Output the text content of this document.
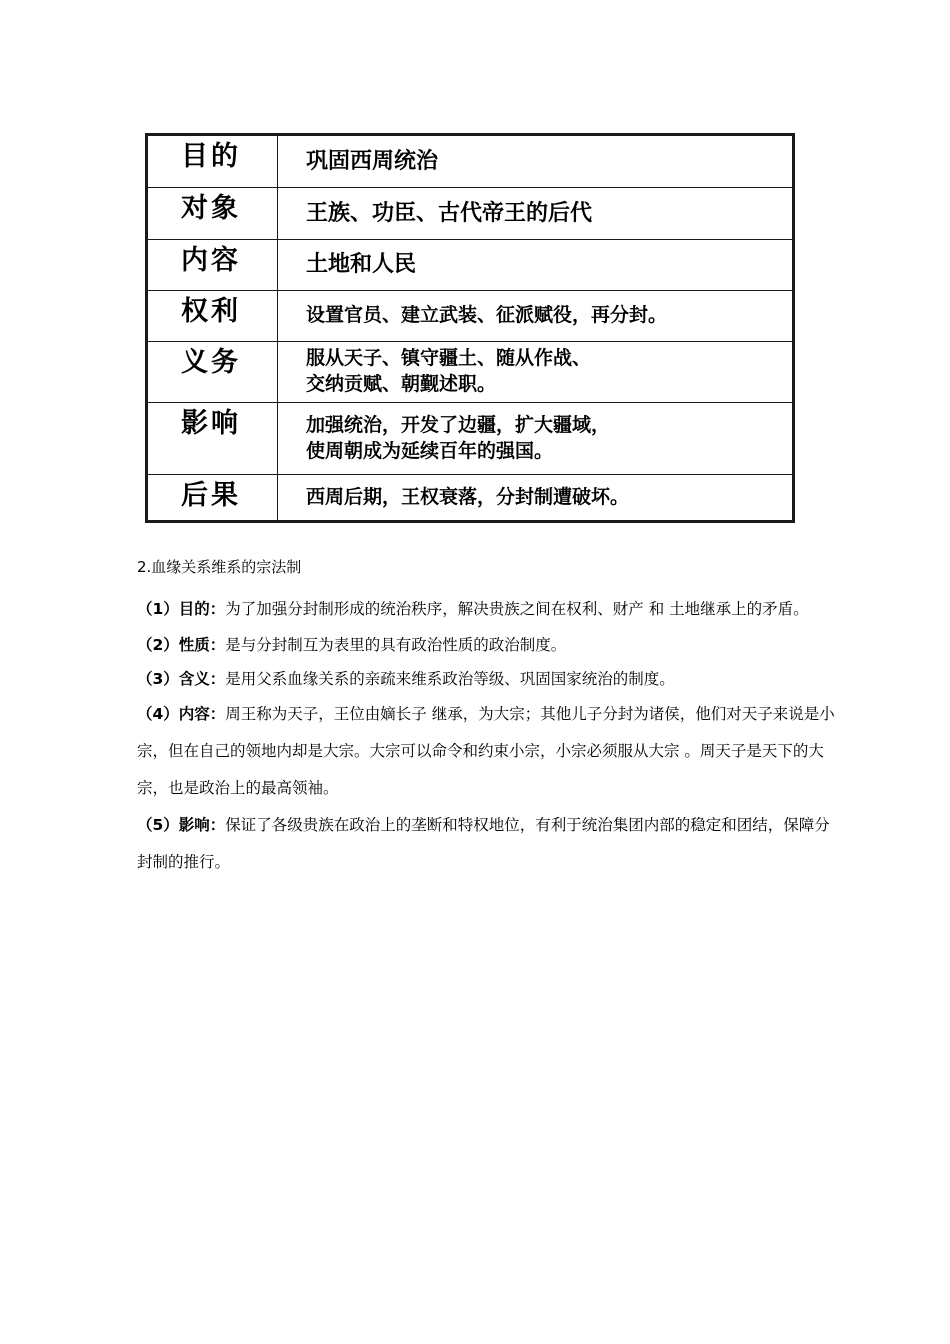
目的	巩固西周统治
对象	王族、功臣、古代帝王的后代
内容	土地和人民
权利	设置官员、建立武装、征派赋役，再分封。
义务	服从天子、镇守疆土、随从作战、
交纳贡赋、朝觐述职。
影响	加强统治，开发了边疆，扩大疆域，
使周朝成为延续百年的强国。
后果	西周后期，王权衰落，分封制遭破坏。
2.血缘关系维系的宗法制

（1）目的：为了加强分封制形成的统治秩序，解决贵族之间在权利、财产 和 土地继承上的矛盾。

（2）性质：是与分封制互为表里的具有政治性质的政治制度。

（3）含义：是用父系血缘关系的亲疏来维系政治等级、巩固国家统治的制度。

（4）内容：周王称为天子，王位由嫡长子 继承，为大宗；其他儿子分封为诸侯，他们对天子来说是小宗，但在自己的领地内却是大宗。大宗可以命令和约束小宗，小宗必须服从大宗 。周天子是天下的大宗，也是政治上的最高领袖。

（5）影响：保证了各级贵族在政治上的垄断和特权地位，有利于统治集团内部的稳定和团结，保障分封制的推行。
